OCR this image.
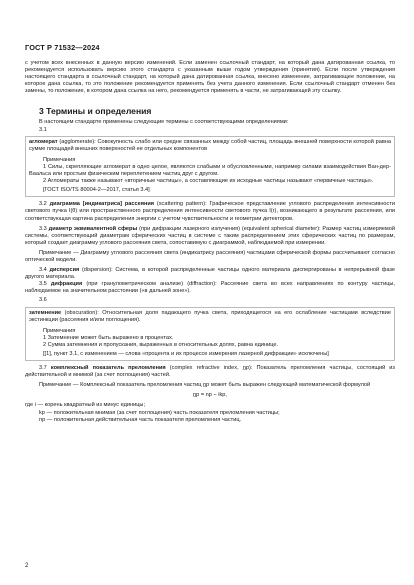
ГОСТ Р 71532—2024

с учетом всех внесенных в данную версию изменений. Если заменен ссылочный стандарт, на который дана датированная ссылка, то рекомендуется использовать версию этого стандарта с указанным выше годом утверждения (принятия). Если после утверждения настоящего стандарта в ссылочный стандарт, на который дана датированная ссылка, внесено изменение, затрагивающее положение, на которое дана ссылка, то это положение рекомендуется применять без учета данного изменения. Если ссылочный стандарт отменен без замены, то положение, в котором дана ссылка на него, рекомендуется применять в части, не затрагивающей эту ссылку.

3 Термины и определения

В настоящем стандарте применены следующие термины с соответствующими определениями:

3.1

агломерат (agglomerate): Совокупность слабо или средне связанных между собой частиц, площадь внешней поверхности которой равна сумме площадей внешних поверхностей ее отдельных компонентов

Примечания

1 Силы, скрепляющие агломерат в одно целое, являются слабыми и обусловленными, например силами взаимодействия Ван-дер-Ваальса или простым физическим переплетением частиц друг с другом.

2 Агломераты также называют «вторичные частицы», а составляющие их исходные частицы называют «первичные частицы».

[ГОСТ ISO/TS 80004-2—2017, статья 3.4]

3.2 диаграмма [индикатриса] рассеяния (scattering pattern): Графическое представление углового распределения интенсивности светового пучка I(θ) или пространственного распределения интенсивности светового пучка I(r), возникающего в результате рассеяния, или соответствующая картина распределения энергии с учетом чувствительности и геометрии детекторов.

3.3 диаметр эквивалентной сферы (при дифракции лазерного излучения) (equivalent spherical diameter): Размер частиц измеряемой системы, соответствующий диаметрам сферических частиц в системе с таким распределением этих сферических частиц по размерам, который создает диаграмму углового рассеяния света, сопоставимую с диаграммой, наблюдаемой при измерении.

Примечание — Диаграмму углового рассеяния света (индикатрису рассеяния) частицами сферической формы рассчитывают согласно оптической модели.

3.4 дисперсия (dispersion): Система, в которой распределенные частицы одного материала диспергированы в непрерывной фазе другого материала.

3.5 дифракция (при гранулометрическом анализе) (diffraction): Рассеяние света во всех направлениях по контуру частицы, наблюдаемое на значительном расстоянии («в дальней зоне»).

3.6

затемнение (obscuration): Относительная доля падающего пучка света, приходящегося на его ослабление частицами вследствие экстинкции (рассеяния и/или поглощения).

Примечания

1 Затемнение может быть выражено в процентах.

2 Сумма затемнения и пропускания, выраженных в относительных долях, равна единице.

[[1], пункт 3.1, с изменением — слова «процента и их процессе измерения лазерной дифракции» исключены]

3.7 комплексный показатель преломления (complex refractive index, n̲p): Показатель преломления частицы, состоящий из действительной и мнимой (за счет поглощения) частей.

Примечание — Комплексный показатель преломления частиц n̲p может быть выражен следующей математической формулой

n̲p = np − ikp,

где i — корень квадратный из минус единицы;

kp — положительная мнимая (за счет поглощения) часть показателя преломления частицы;

np — положительная действительная часть показателя преломления частиц.

2
